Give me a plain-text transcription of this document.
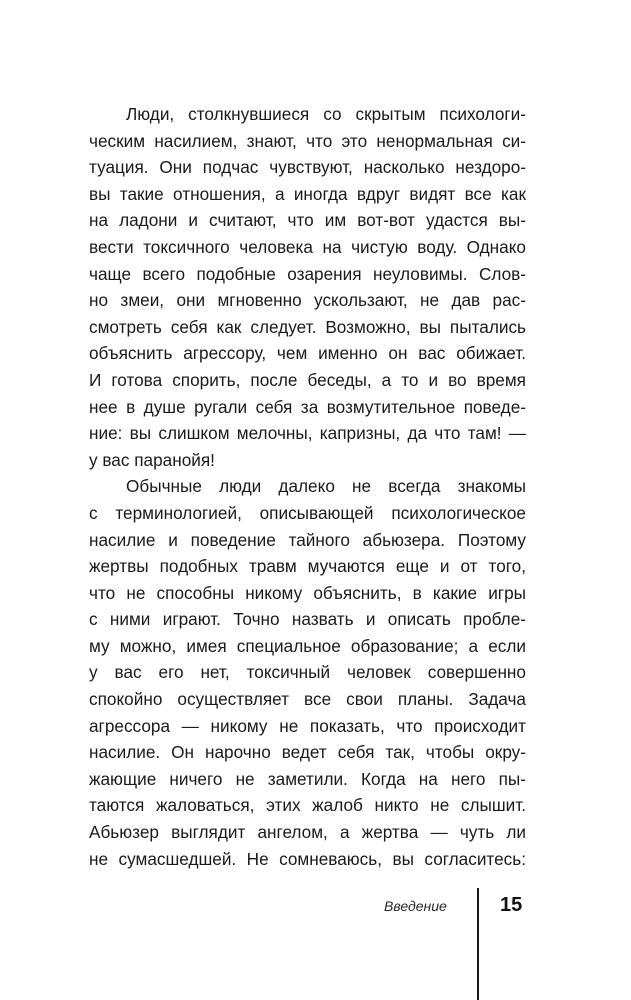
Люди, столкнувшиеся со скрытым психологи-
ческим насилием, знают, что это ненормальная си-
туация. Они подчас чувствуют, насколько нездоро-
вы такие отношения, а иногда вдруг видят все как
на ладони и считают, что им вот-вот удастся вы-
вести токсичного человека на чистую воду. Однако
чаще всего подобные озарения неуловимы. Слов-
но змеи, они мгновенно ускользают, не дав рас-
смотреть себя как следует. Возможно, вы пытались
объяснить агрессору, чем именно он вас обижает.
И готова спорить, после беседы, а то и во время
нее в душе ругали себя за возмутительное поведе-
ние: вы слишком мелочны, капризны, да что там! —
у вас паранойя!
Обычные люди далеко не всегда знакомы
с терминологией, описывающей психологическое
насилие и поведение тайного абьюзера. Поэтому
жертвы подобных травм мучаются еще и от того,
что не способны никому объяснить, в какие игры
с ними играют. Точно назвать и описать пробле-
му можно, имея специальное образование; а если
у вас его нет, токсичный человек совершенно
спокойно осуществляет все свои планы. Задача
агрессора — никому не показать, что происходит
насилие. Он нарочно ведет себя так, чтобы окру-
жающие ничего не заметили. Когда на него пы-
таются жаловаться, этих жалоб никто не слышит.
Абьюзер выглядит ангелом, а жертва — чуть ли
не сумасшедшей. Не сомневаюсь, вы согласитесь:
Введение	15
